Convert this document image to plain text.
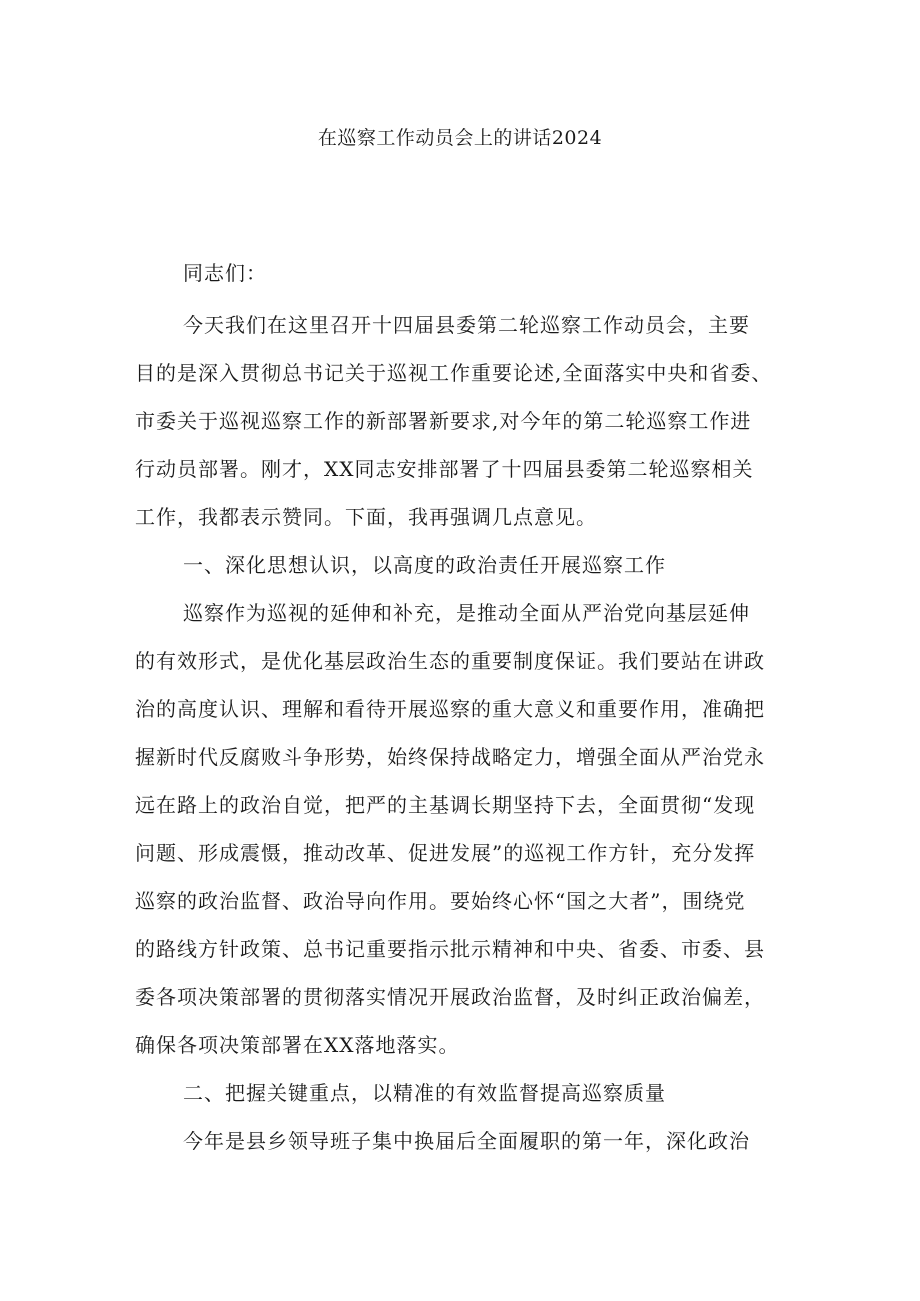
在巡察工作动员会上的讲话2024
同志们：
今天我们在这里召开十四届县委第二轮巡察工作动员会，主要
目的是深入贯彻总书记关于巡视工作重要论述,全面落实中央和省委、
市委关于巡视巡察工作的新部署新要求,对今年的第二轮巡察工作进
行动员部署。刚才，XX同志安排部署了十四届县委第二轮巡察相关
工作，我都表示赞同。下面，我再强调几点意见。
一、深化思想认识，以高度的政治责任开展巡察工作
巡察作为巡视的延伸和补充，是推动全面从严治党向基层延伸
的有效形式，是优化基层政治生态的重要制度保证。我们要站在讲政
治的高度认识、理解和看待开展巡察的重大意义和重要作用，准确把
握新时代反腐败斗争形势，始终保持战略定力，增强全面从严治党永
远在路上的政治自觉，把严的主基调长期坚持下去，全面贯彻“发现
问题、形成震慑，推动改革、促进发展”的巡视工作方针，充分发挥
巡察的政治监督、政治导向作用。要始终心怀“国之大者”，围绕党
的路线方针政策、总书记重要指示批示精神和中央、省委、市委、县
委各项决策部署的贯彻落实情况开展政治监督，及时纠正政治偏差，
确保各项决策部署在XX落地落实。
二、把握关键重点，以精准的有效监督提高巡察质量
今年是县乡领导班子集中换届后全面履职的第一年，深化政治
